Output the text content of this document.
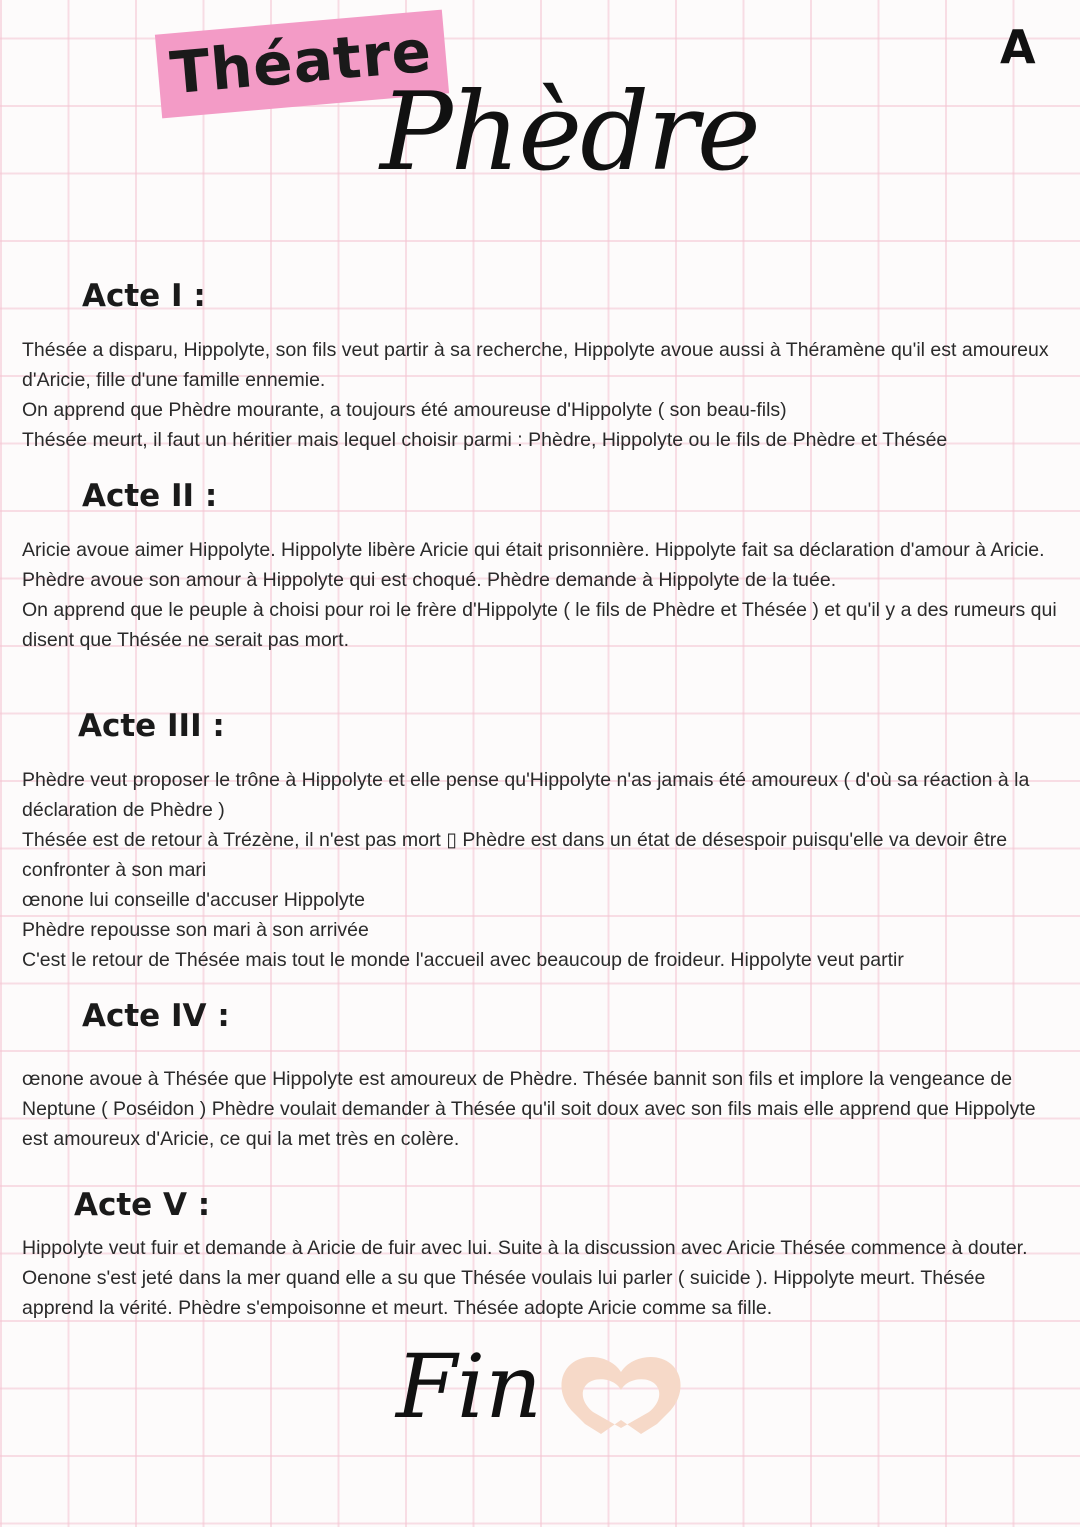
Théatre
Phèdre
A
Acte I :

Thésée a disparu, Hippolyte, son fils veut partir à sa recherche, Hippolyte avoue aussi à Théramène qu'il est amoureux d'Aricie, fille d'une famille ennemie.

On apprend que Phèdre mourante, a toujours été amoureuse d'Hippolyte ( son beau-fils)

Thésée meurt, il faut un héritier mais lequel choisir parmi : Phèdre, Hippolyte ou le fils de Phèdre et Thésée

Acte II :

Aricie avoue aimer Hippolyte. Hippolyte libère Aricie qui était prisonnière. Hippolyte fait sa déclaration d'amour à Aricie.

Phèdre avoue son amour à Hippolyte qui est choqué. Phèdre demande à Hippolyte de la tuée.

On apprend que le peuple à choisi pour roi le frère d'Hippolyte ( le fils de Phèdre et Thésée ) et qu'il y a des rumeurs qui disent que Thésée ne serait pas mort.

Acte III :

Phèdre veut proposer le trône à Hippolyte et elle pense qu'Hippolyte n'as jamais été amoureux ( d'où sa réaction à la déclaration de Phèdre )

Thésée est de retour à Trézène, il n'est pas mort ▯ Phèdre est dans un état de désespoir puisqu'elle va devoir être confronter à son mari

œnone lui conseille d'accuser Hippolyte

Phèdre repousse son mari à son arrivée

C'est le retour de Thésée mais tout le monde l'accueil avec beaucoup de froideur. Hippolyte veut partir

Acte IV :

œnone avoue à Thésée que Hippolyte est amoureux de Phèdre. Thésée bannit son fils et implore la vengeance de Neptune ( Poséidon ) Phèdre voulait demander à Thésée qu'il soit doux avec son fils mais elle apprend que Hippolyte est amoureux d'Aricie, ce qui la met très en colère.

Acte V :

Hippolyte veut fuir et demande à Aricie de fuir avec lui. Suite à la discussion avec Aricie Thésée commence à douter. Oenone s'est jeté dans la mer quand elle a su que Thésée voulais lui parler ( suicide ). Hippolyte meurt. Thésée apprend la vérité. Phèdre s'empoisonne et meurt. Thésée adopte Aricie comme sa fille.

Fin
